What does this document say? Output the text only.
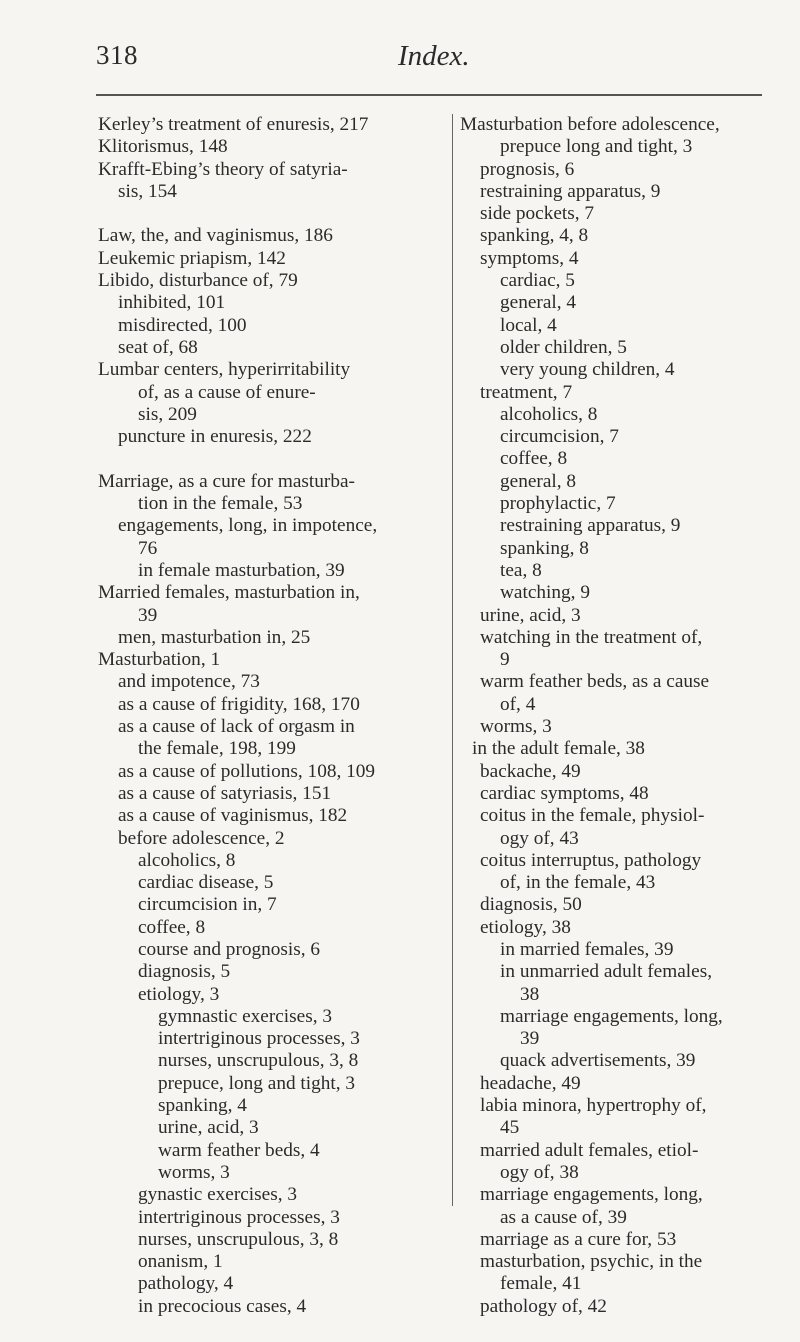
318	Index.
Kerley’s treatment of enuresis, 217
Klitorismus, 148
Krafft-Ebing’s theory of satyria-
sis, 154
Law, the, and vaginismus, 186
Leukemic priapism, 142
Libido, disturbance of, 79
inhibited, 101
misdirected, 100
seat of, 68
Lumbar centers, hyperirritability
of, as a cause of enure-
sis, 209
puncture in enuresis, 222
Marriage, as a cure for masturba-
tion in the female, 53
engagements, long, in impotence,
76
in female masturbation, 39
Married females, masturbation in,
39
men, masturbation in, 25
Masturbation, 1
and impotence, 73
as a cause of frigidity, 168, 170
as a cause of lack of orgasm in
the female, 198, 199
as a cause of pollutions, 108, 109
as a cause of satyriasis, 151
as a cause of vaginismus, 182
before adolescence, 2
alcoholics, 8
cardiac disease, 5
circumcision in, 7
coffee, 8
course and prognosis, 6
diagnosis, 5
etiology, 3
gymnastic exercises, 3
intertriginous processes, 3
nurses, unscrupulous, 3, 8
prepuce, long and tight, 3
spanking, 4
urine, acid, 3
warm feather beds, 4
worms, 3
gynastic exercises, 3
intertriginous processes, 3
nurses, unscrupulous, 3, 8
onanism, 1
pathology, 4
in precocious cases, 4
Masturbation before adolescence,
prepuce long and tight, 3
prognosis, 6
restraining apparatus, 9
side pockets, 7
spanking, 4, 8
symptoms, 4
cardiac, 5
general, 4
local, 4
older children, 5
very young children, 4
treatment, 7
alcoholics, 8
circumcision, 7
coffee, 8
general, 8
prophylactic, 7
restraining apparatus, 9
spanking, 8
tea, 8
watching, 9
urine, acid, 3
watching in the treatment of,
9
warm feather beds, as a cause
of, 4
worms, 3
in the adult female, 38
backache, 49
cardiac symptoms, 48
coitus in the female, physiol-
ogy of, 43
coitus interruptus, pathology
of, in the female, 43
diagnosis, 50
etiology, 38
in married females, 39
in unmarried adult females,
38
marriage engagements, long,
39
quack advertisements, 39
headache, 49
labia minora, hypertrophy of,
45
married adult females, etiol-
ogy of, 38
marriage engagements, long,
as a cause of, 39
marriage as a cure for, 53
masturbation, psychic, in the
female, 41
pathology of, 42
